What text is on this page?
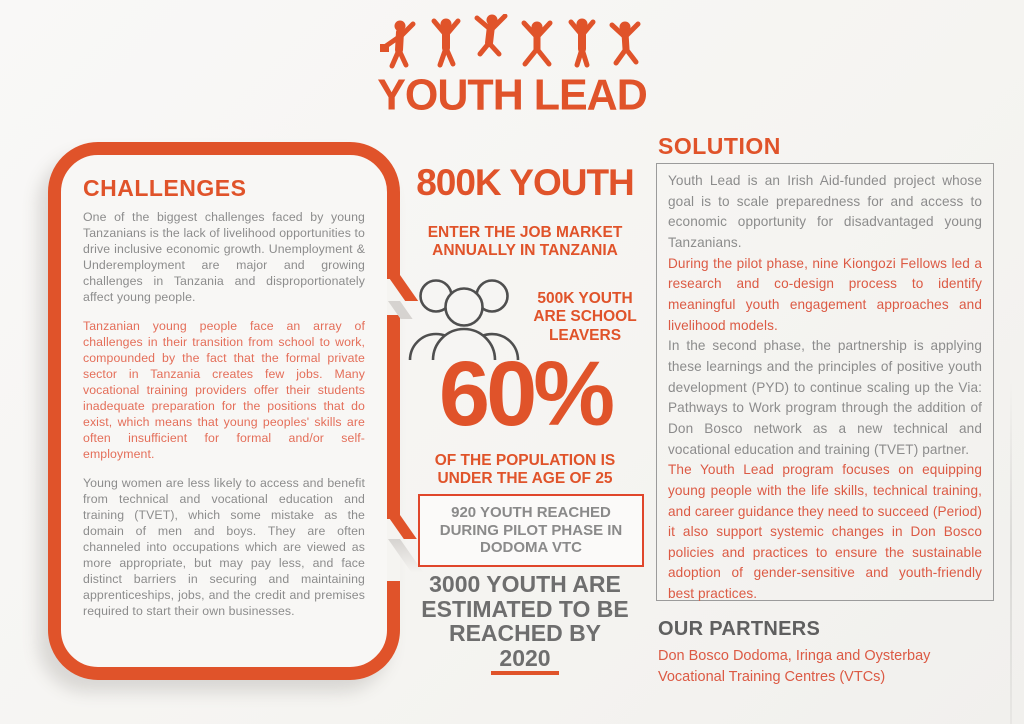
YOUTH LEAD
CHALLENGES

One of the biggest challenges faced by young Tanzanians is the lack of livelihood opportunities to drive inclusive economic growth. Unemployment & Underemployment are major and growing challenges in Tanzania and disproportionately affect young people.

Tanzanian young people face an array of challenges in their transition from school to work, compounded by the fact that the formal private sector in Tanzania creates few jobs. Many vocational training providers offer their students inadequate preparation for the positions that do exist, which means that young peoples' skills are often insufficient for formal and/or self-employment.

Young women are less likely to access and benefit from technical and vocational education and training (TVET), which some mistake as the domain of men and boys. They are often channeled into occupations which are viewed as more appropriate, but may pay less, and face distinct barriers in securing and maintaining apprenticeships, jobs, and the credit and premises required to start their own businesses.

800K YOUTH
ENTER THE JOB MARKET ANNUALLY IN TANZANIA
500K YOUTH ARE SCHOOL LEAVERS
60%
OF THE POPULATION IS UNDER THE AGE OF 25
920 YOUTH REACHED DURING PILOT PHASE IN DODOMA VTC
3000 YOUTH ARE ESTIMATED TO BE REACHED BY
2020
SOLUTION

Youth Lead is an Irish Aid-funded project whose goal is to scale preparedness for and access to economic opportunity for disadvantaged young Tanzanians.

During the pilot phase, nine Kiongozi Fellows led a research and co-design process to identify meaningful youth engagement approaches and livelihood models.

In the second phase, the partnership is applying these learnings and the principles of positive youth development (PYD) to continue scaling up the Via: Pathways to Work program through the addition of Don Bosco network as a new technical and vocational education and training (TVET) partner.

The Youth Lead program focuses on equipping young people with the life skills, technical training, and career guidance they need to succeed (Period) it also support systemic changes in Don Bosco policies and practices to ensure the sustainable adoption of gender-sensitive and youth-friendly best practices.

OUR PARTNERS
Don Bosco Dodoma, Iringa and Oysterbay Vocational Training Centres (VTCs)
